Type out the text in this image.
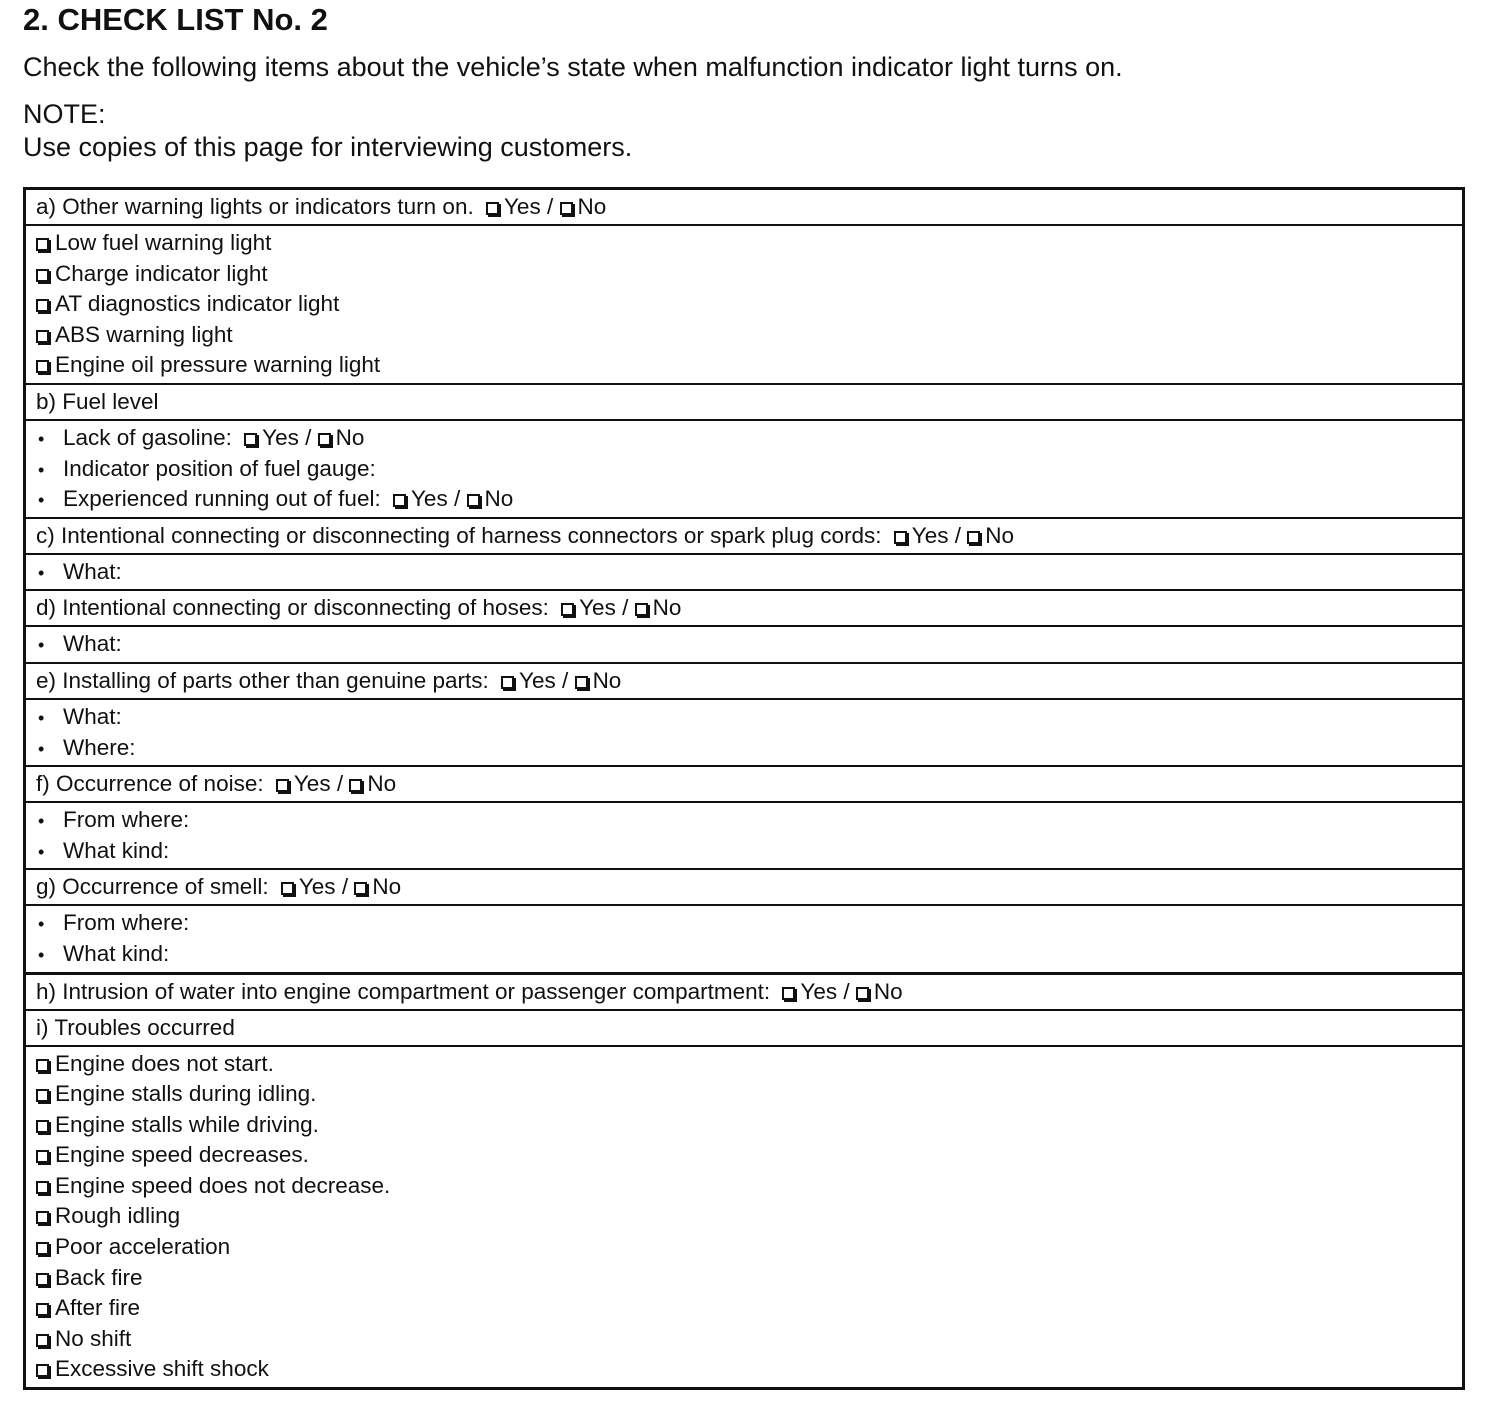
2. CHECK LIST No. 2
Check the following items about the vehicle’s state when malfunction indicator light turns on.
NOTE:
Use copies of this page for interviewing customers.
a) Other warning lights or indicators turn on. Yes / No
Low fuel warning light
Charge indicator light
AT diagnostics indicator light
ABS warning light
Engine oil pressure warning light
b) Fuel level
• Lack of gasoline: Yes / No
• Indicator position of fuel gauge:
• Experienced running out of fuel: Yes / No
c) Intentional connecting or disconnecting of harness connectors or spark plug cords: Yes / No
• What:
d) Intentional connecting or disconnecting of hoses: Yes / No
• What:
e) Installing of parts other than genuine parts: Yes / No
• What:
• Where:
f) Occurrence of noise: Yes / No
• From where:
• What kind:
g) Occurrence of smell: Yes / No
• From where:
• What kind:
h) Intrusion of water into engine compartment or passenger compartment: Yes / No
i) Troubles occurred
Engine does not start.
Engine stalls during idling.
Engine stalls while driving.
Engine speed decreases.
Engine speed does not decrease.
Rough idling
Poor acceleration
Back fire
After fire
No shift
Excessive shift shock
